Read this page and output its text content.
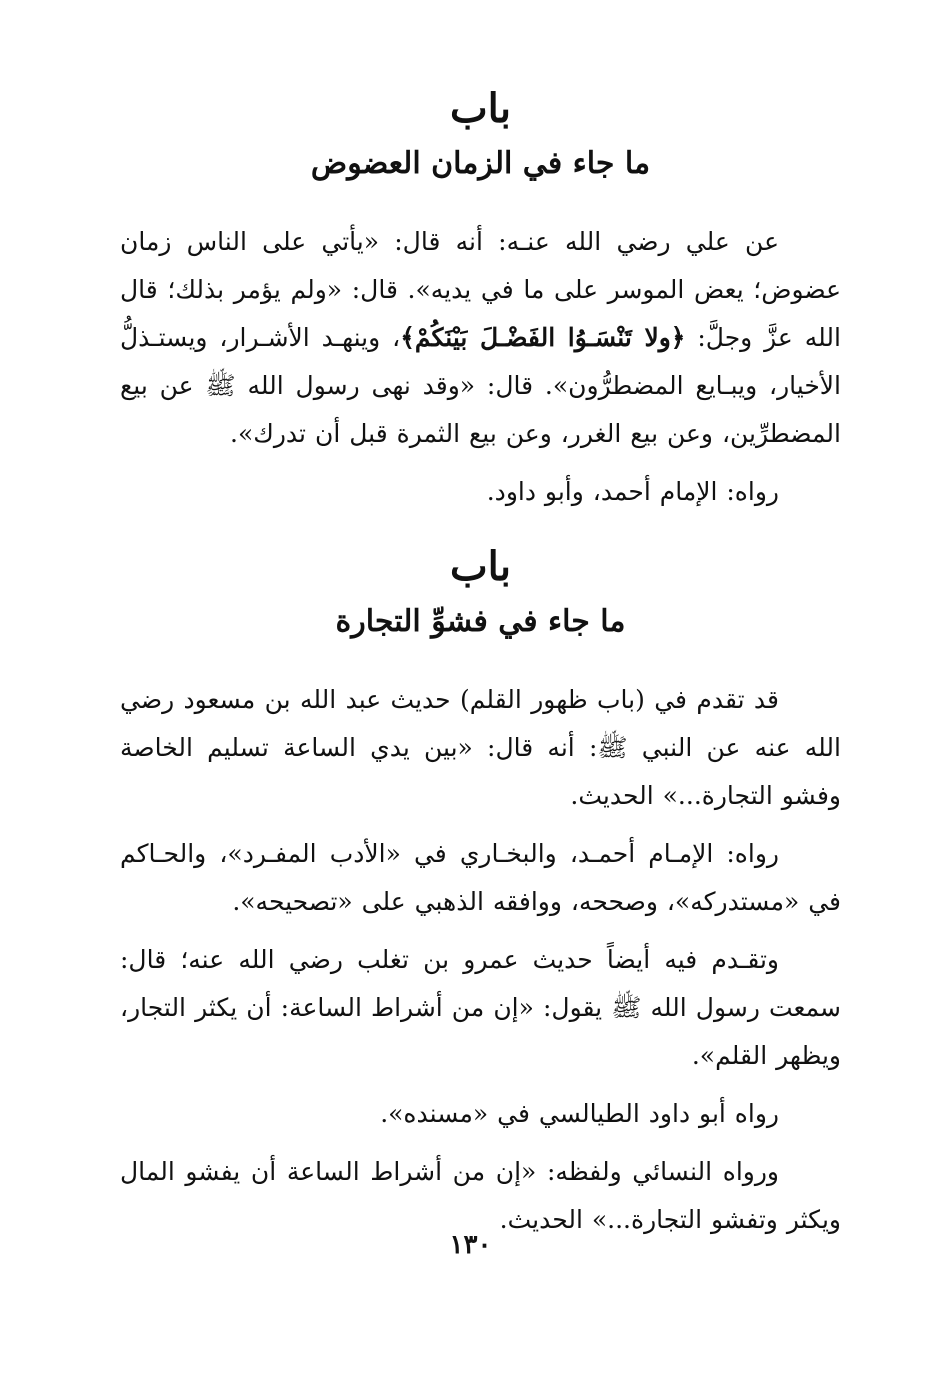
باب
ما جاء في الزمان العضوض

عن علي رضي الله عنـه: أنه قال: «يأتي على الناس زمان عضوض؛ يعض الموسر على ما في يديه». قال: «ولم يؤمر بذلك؛ قال الله عزَّ وجلَّ: ﴿ولا تَنْسَـوُا الفَضْـلَ بَيْنَكُمْ﴾، وينهـد الأشـرار، ويستـذلُّ الأخيار، ويبـايع المضطرُّون». قال: «وقد نهى رسول الله ﷺ عن بيع المضطرِّين، وعن بيع الغرر، وعن بيع الثمرة قبل أن تدرك».

رواه: الإمام أحمد، وأبو داود.

باب
ما جاء في فشوِّ التجارة

قد تقدم في (باب ظهور القلم) حديث عبد الله بن مسعود رضي الله عنه عن النبي ﷺ: أنه قال: «بين يدي الساعة تسليم الخاصة وفشو التجارة...» الحديث.

رواه: الإمـام أحمـد، والبخـاري في «الأدب المفـرد»، والحـاكم في «مستدركه»، وصححه، ووافقه الذهبي على «تصحيحه».

وتقـدم فيه أيضاً حديث عمرو بن تغلب رضي الله عنه؛ قال: سمعت رسول الله ﷺ يقول: «إن من أشراط الساعة: أن يكثر التجار، ويظهر القلم».

رواه أبو داود الطيالسي في «مسنده».

ورواه النسائي ولفظه: «إن من أشراط الساعة أن يفشو المال ويكثر وتفشو التجارة...» الحديث.

١٣٠
